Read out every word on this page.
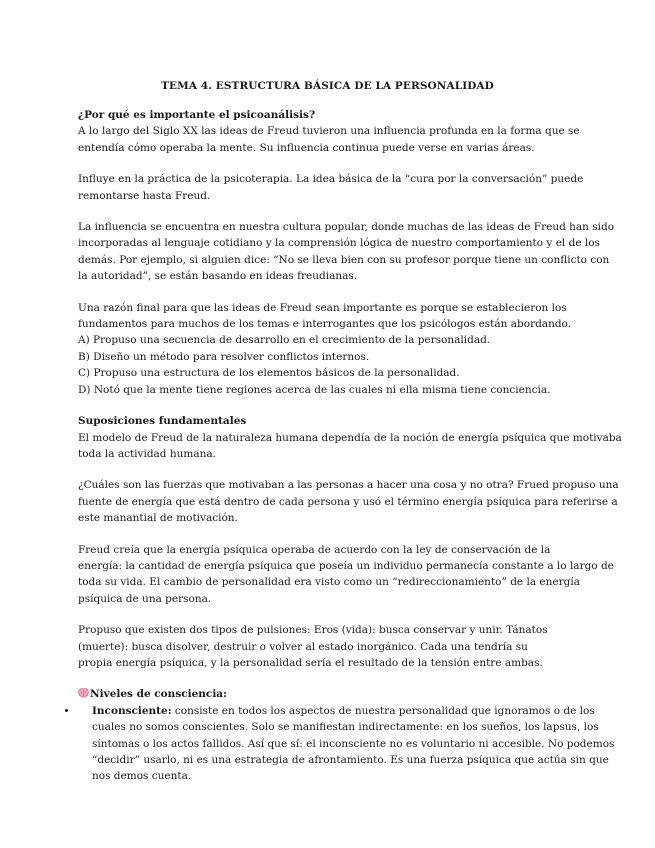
TEMA 4. ESTRUCTURA BÁSICA DE LA PERSONALIDAD
¿Por qué es importante el psicoanálisis?
A lo largo del Siglo XX las ideas de Freud tuvieron una influencia profunda en la forma que se
entendía cómo operaba la mente. Su influencia continua puede verse en varias áreas.
Influye en la práctica de la psicoterapia. La idea básica de la “cura por la conversación” puede
remontarse hasta Freud.
La influencia se encuentra en nuestra cultura popular, donde muchas de las ideas de Freud han sido
incorporadas al lenguaje cotidiano y la comprensión lógica de nuestro comportamiento y el de los
demás. Por ejemplo, si alguien dice: “No se lleva bien con su profesor porque tiene un conflicto con
la autoridad”, se están basando en ideas freudianas.
Una razón final para que las ideas de Freud sean importante es porque se establecieron los
fundamentos para muchos de los temas e interrogantes que los psicólogos están abordando.
A) Propuso una secuencia de desarrollo en el crecimiento de la personalidad.
B) Diseño un método para resolver conflictos internos.
C) Propuso una estructura de los elementos básicos de la personalidad.
D) Notó que la mente tiene regiones acerca de las cuales ni ella misma tiene conciencia.
Suposiciones fundamentales
El modelo de Freud de la naturaleza humana dependía de la noción de energía psíquica que motivaba
toda la actividad humana.
¿Cuáles son las fuerzas que motivaban a las personas a hacer una cosa y no otra? Frued propuso una
fuente de energía que está dentro de cada persona y usó el término energía psíquica para referirse a
este manantial de motivación.
Freud creía que la energía psíquica operaba de acuerdo con la ley de conservación de la
energía: la cantidad de energía psíquica que poseía un individuo permanecía constante a lo largo de
toda su vida. El cambio de personalidad era visto como un “redireccionamiento” de la energía
psíquica de una persona.
Propuso que existen dos tipos de pulsiones: Eros (vida): busca conservar y unir. Tánatos
(muerte): busca disolver, destruir o volver al estado inorgánico. Cada una tendría su
propia energía psíquica, y la personalidad sería el resultado de la tensión entre ambas.
Niveles de consciencia:
Inconsciente: consiste en todos los aspectos de nuestra personalidad que ignoramos o de los
cuales no somos conscientes. Solo se manifiestan indirectamente: en los sueños, los lapsus, los
síntomas o los actos fallidos. Así que sí: el inconsciente no es voluntario ni accesible. No podemos
“decidir” usarlo, ni es una estrategia de afrontamiento. Es una fuerza psíquica que actúa sin que
nos demos cuenta.
